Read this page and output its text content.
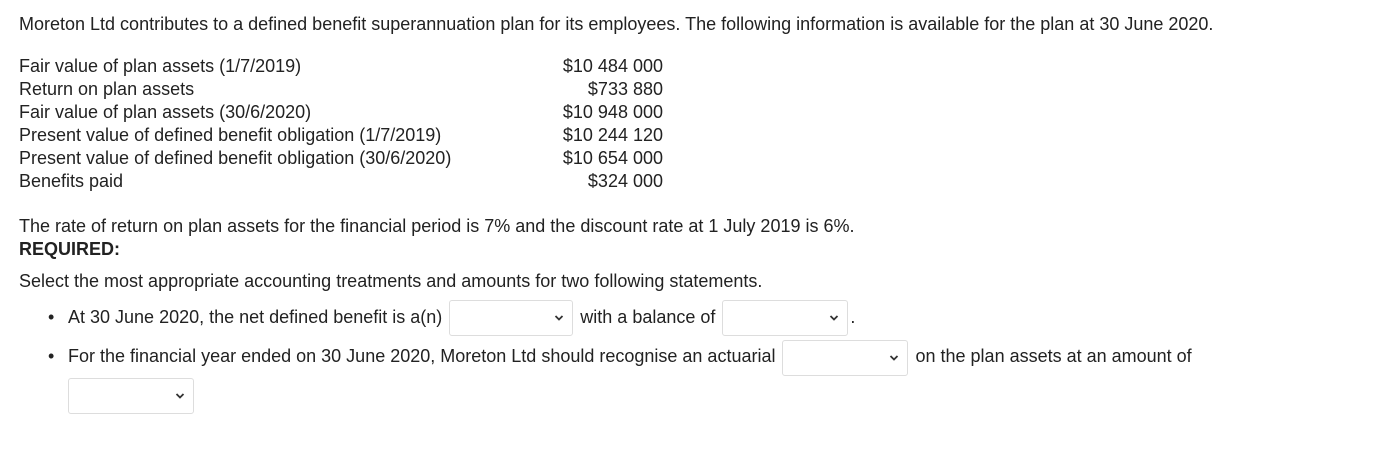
Moreton Ltd contributes to a defined benefit superannuation plan for its employees. The following information is available for the plan at 30 June 2020.

Fair value of plan assets (1/7/2019)	$10 484 000
Return on plan assets	$733 880
Fair value of plan assets (30/6/2020)	$10 948 000
Present value of defined benefit obligation (1/7/2019)	$10 244 120
Present value of defined benefit obligation (30/6/2020)	$10 654 000
Benefits paid	$324 000
The rate of return on plan assets for the financial period is 7% and the discount rate at 1 July 2019 is 6%.
REQUIRED:
Select the most appropriate accounting treatments and amounts for two following statements.
• At 30 June 2020, the net defined benefit is a(n)	with a balance of	.
• For the financial year ended on 30 June 2020, Moreton Ltd should recognise an actuarial	on the plan assets at an amount of
